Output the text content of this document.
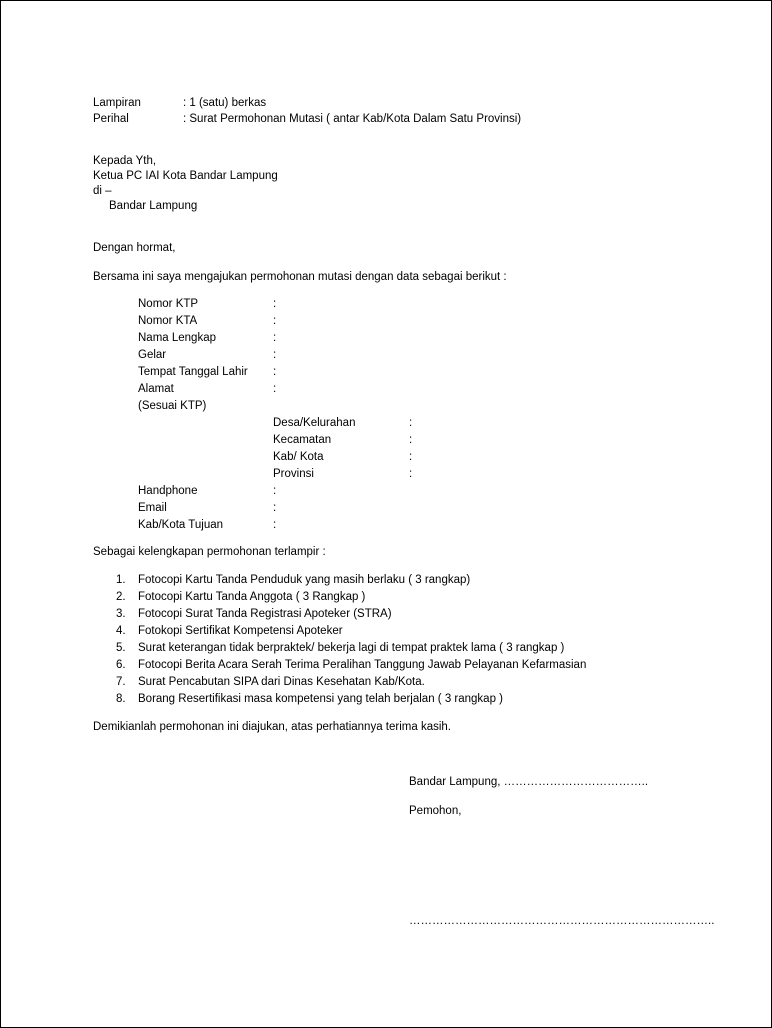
Lampiran	: 1 (satu) berkas
Perihal	: Surat Permohonan Mutasi ( antar Kab/Kota Dalam Satu Provinsi)
Kepada Yth,
Ketua PC IAI Kota Bandar Lampung
di –
Bandar Lampung
Dengan hormat,
Bersama ini saya mengajukan permohonan mutasi dengan data sebagai berikut :
Nomor KTP	:
Nomor KTA	:
Nama Lengkap	:
Gelar	:
Tempat Tanggal Lahir :
Alamat	:
(Sesuai KTP)
Desa/Kelurahan	:
Kecamatan	:
Kab/ Kota	:
Provinsi	:
Handphone	:
Email	:
Kab/Kota Tujuan	:
Sebagai kelengkapan permohonan terlampir :
1. Fotocopi Kartu Tanda Penduduk yang masih berlaku ( 3 rangkap)
2. Fotocopi Kartu Tanda Anggota ( 3 Rangkap )
3. Fotocopi Surat Tanda Registrasi Apoteker (STRA)
4. Fotokopi Sertifikat Kompetensi Apoteker
5. Surat keterangan tidak berpraktek/ bekerja lagi di tempat praktek lama ( 3 rangkap )
6. Fotocopi Berita Acara Serah Terima Peralihan Tanggung Jawab Pelayanan Kefarmasian
7. Surat Pencabutan SIPA dari Dinas Kesehatan Kab/Kota.
8. Borang Resertifikasi masa kompetensi yang telah berjalan ( 3 rangkap )
Demikianlah permohonan ini diajukan, atas perhatiannya terima kasih.
Bandar Lampung, ………………………………..
Pemohon,
……………………………………………………………………..
